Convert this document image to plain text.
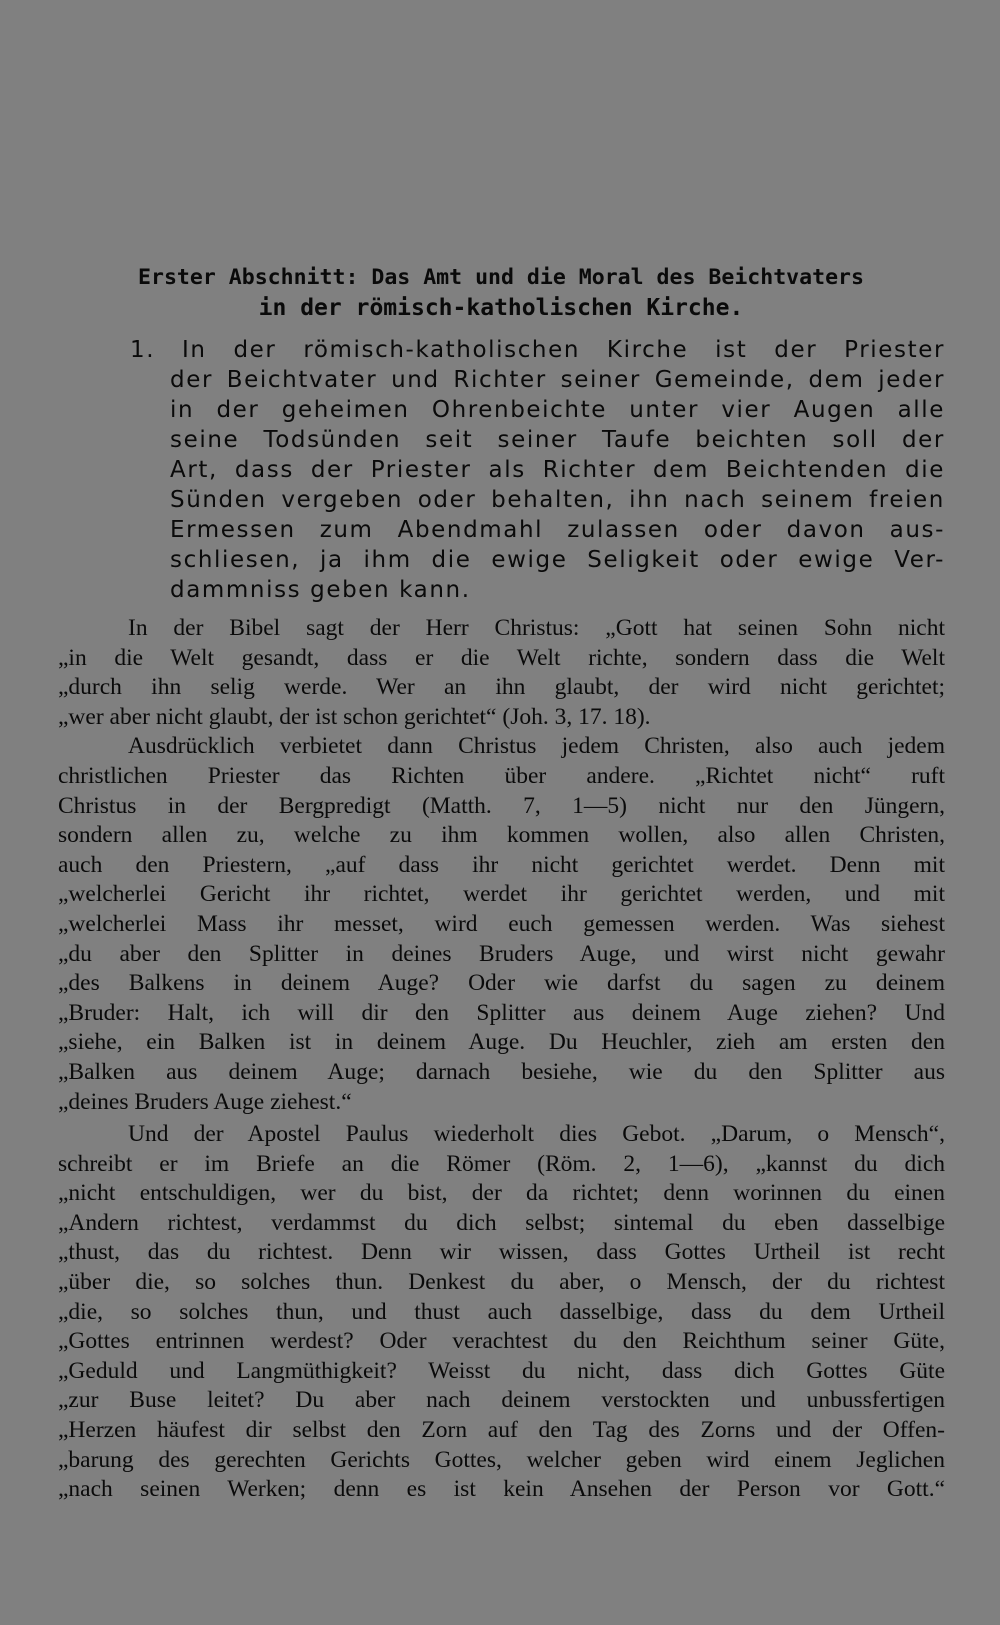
Erster Abschnitt: Das Amt und die Moral des Beichtvaters
in der römisch-katholischen Kirche.
1. In der römisch-katholischen Kirche ist der Priester
der Beichtvater und Richter seiner Gemeinde, dem jeder
in der geheimen Ohrenbeichte unter vier Augen alle
seine Todsünden seit seiner Taufe beichten soll der
Art, dass der Priester als Richter dem Beichtenden die
Sünden vergeben oder behalten, ihn nach seinem freien
Ermessen zum Abendmahl zulassen oder davon aus-
schliesen, ja ihm die ewige Seligkeit oder ewige Ver-
dammniss geben kann.
In der Bibel sagt der Herr Christus: „Gott hat seinen Sohn nicht
„in die Welt gesandt, dass er die Welt richte, sondern dass die Welt
„durch ihn selig werde. Wer an ihn glaubt, der wird nicht gerichtet;
„wer aber nicht glaubt, der ist schon gerichtet“ (Joh. 3, 17. 18).
Ausdrücklich verbietet dann Christus jedem Christen, also auch jedem
christlichen Priester das Richten über andere. „Richtet nicht“ ruft
Christus in der Bergpredigt (Matth. 7, 1—5) nicht nur den Jüngern,
sondern allen zu, welche zu ihm kommen wollen, also allen Christen,
auch den Priestern, „auf dass ihr nicht gerichtet werdet. Denn mit
„welcherlei Gericht ihr richtet, werdet ihr gerichtet werden, und mit
„welcherlei Mass ihr messet, wird euch gemessen werden. Was siehest
„du aber den Splitter in deines Bruders Auge, und wirst nicht gewahr
„des Balkens in deinem Auge? Oder wie darfst du sagen zu deinem
„Bruder: Halt, ich will dir den Splitter aus deinem Auge ziehen? Und
„siehe, ein Balken ist in deinem Auge. Du Heuchler, zieh am ersten den
„Balken aus deinem Auge; darnach besiehe, wie du den Splitter aus
„deines Bruders Auge ziehest.“
Und der Apostel Paulus wiederholt dies Gebot. „Darum, o Mensch“,
schreibt er im Briefe an die Römer (Röm. 2, 1—6), „kannst du dich
„nicht entschuldigen, wer du bist, der da richtet; denn worinnen du einen
„Andern richtest, verdammst du dich selbst; sintemal du eben dasselbige
„thust, das du richtest. Denn wir wissen, dass Gottes Urtheil ist recht
„über die, so solches thun. Denkest du aber, o Mensch, der du richtest
„die, so solches thun, und thust auch dasselbige, dass du dem Urtheil
„Gottes entrinnen werdest? Oder verachtest du den Reichthum seiner Güte,
„Geduld und Langmüthigkeit? Weisst du nicht, dass dich Gottes Güte
„zur Buse leitet? Du aber nach deinem verstockten und unbussfertigen
„Herzen häufest dir selbst den Zorn auf den Tag des Zorns und der Offen-
„barung des gerechten Gerichts Gottes, welcher geben wird einem Jeglichen
„nach seinen Werken; denn es ist kein Ansehen der Person vor Gott.“
